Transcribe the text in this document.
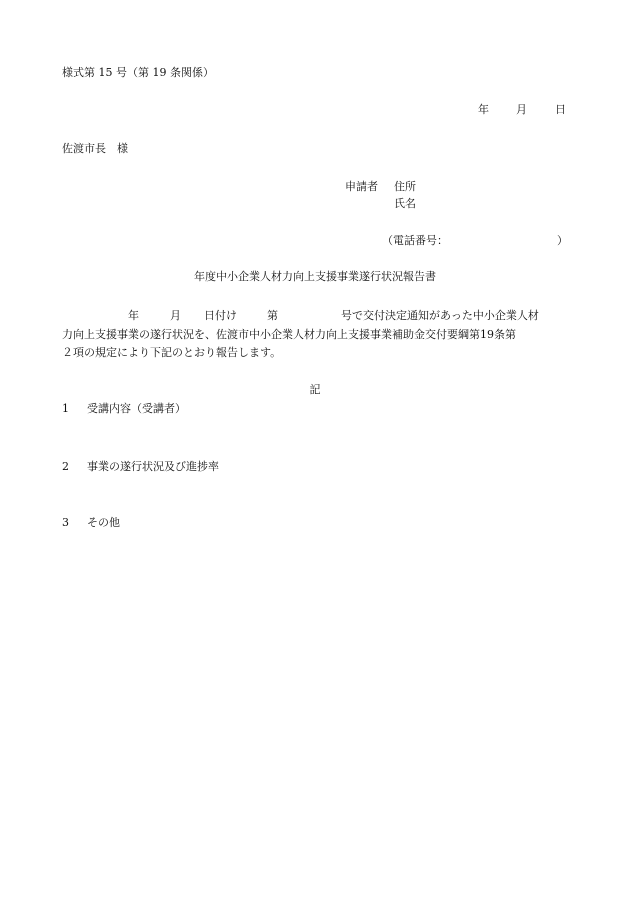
様式第 15 号（第 19 条関係）
年 月	日
佐渡市長　様
申請者 住所
氏名
（電話番号：	）
年度中小企業人材力向上支援事業遂行状況報告書
年	月 日付け	第	号で交付決定通知があった中小企業人材
力向上支援事業の遂行状況を、佐渡市中小企業人材力向上支援事業補助金交付要綱第19条第
２項の規定により下記のとおり報告します。
記
1 受講内容（受講者）
2 事業の遂行状況及び進捗率
3 その他
